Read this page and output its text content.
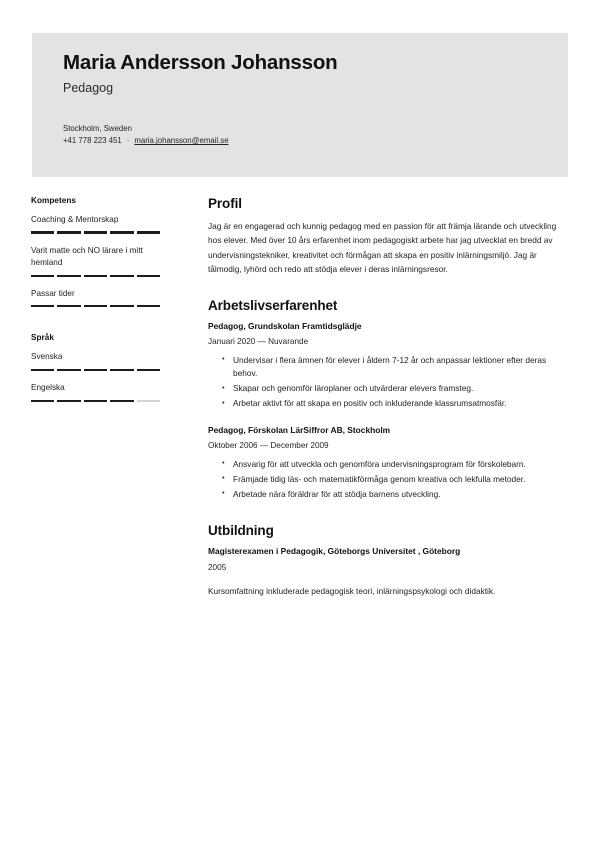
Maria Andersson Johansson
Pedagog
Stockholm, Sweden
+41 778 223 451 · maria.johansson@email.se
Kompetens
Coaching & Mentorskap
Varit matte och NO lärare i mitt hemland
Passar tider
Språk
Svenska
Engelska
Profil

Jag är en engagerad och kunnig pedagog med en passion för att främja lärande och utveckling hos elever. Med över 10 års erfarenhet inom pedagogiskt arbete har jag utvecklat en bredd av undervisningstekniker, kreativitet och förmågan att skapa en positiv inlärningsmiljö. Jag är tålmodig, lyhörd och redo att stödja elever i deras inlärningsresor.

Arbetslivserfarenhet
Pedagog, Grundskolan Framtidsglädje
Januari 2020 — Nuvarande
• Undervisar i flera ämnen för elever i åldern 7-12 år och anpassar lektioner efter deras behov.
• Skapar och genomför läroplaner och utvärderar elevers framsteg.
• Arbetar aktivt för att skapa en positiv och inkluderande klassrumsatmosfär.
Pedagog, Förskolan LärSiffror AB, Stockholm
Oktober 2006 — December 2009
• Ansvarig för att utveckla och genomföra undervisningsprogram för förskolebarn.
• Främjade tidig läs- och matematikförmåga genom kreativa och lekfulla metoder.
• Arbetade nära föräldrar för att stödja barnens utveckling.
Utbildning
Magisterexamen i Pedagogik, Göteborgs Universitet , Göteborg
2005
Kursomfattning inkluderade pedagogisk teori, inlärningspsykologi och didaktik.
